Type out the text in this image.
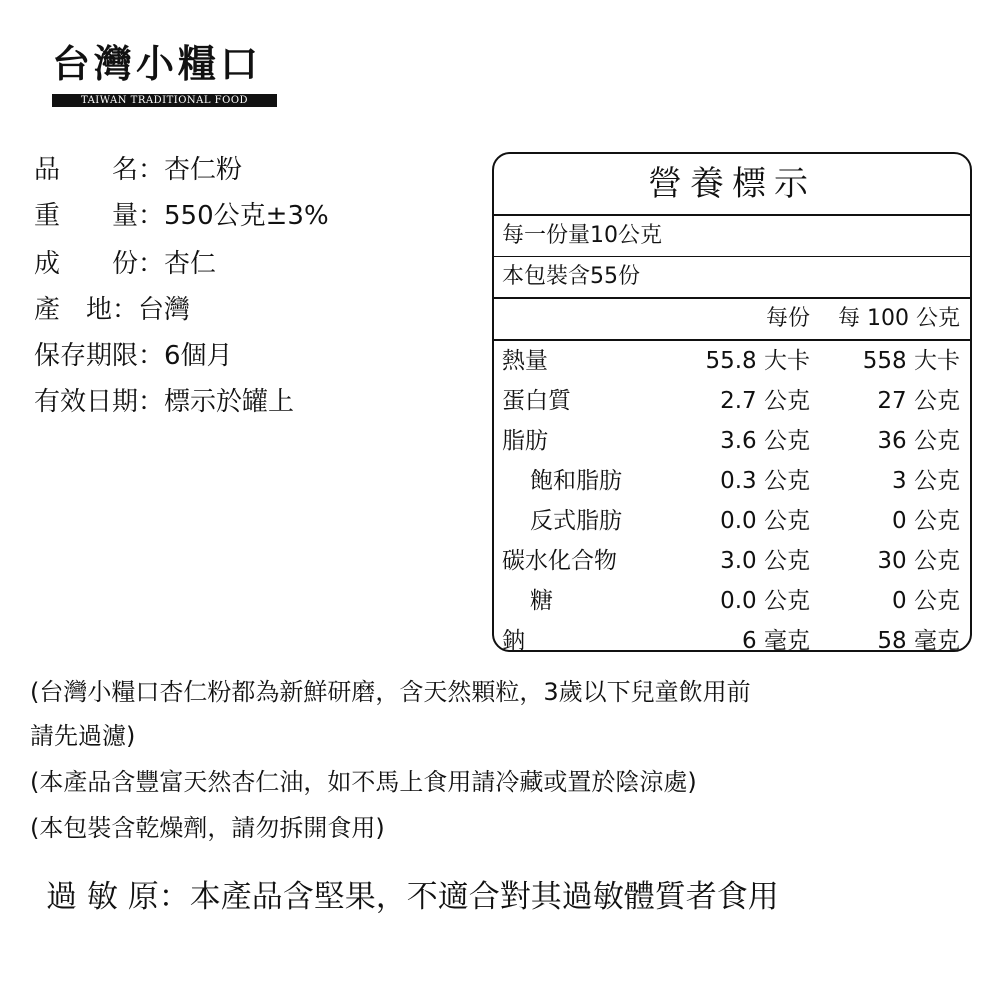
台灣小糧口
TAIWAN TRADITIONAL FOOD
品　　名：杏仁粉
重　　量：550公克±3%
成　　份：杏仁
產　地：台灣
保存期限：6個月
有效日期：標示於罐上
營養標示
每一份量10公克
本包裝含55份
每份 每 100 公克
熱量	55.8 大卡 558 大卡
蛋白質	2.7 公克	27 公克
脂肪	3.6 公克	36 公克
飽和脂肪	0.3 公克	3 公克
反式脂肪	0.0 公克	0 公克
碳水化合物	3.0 公克	30 公克
糖	0.0 公克	0 公克
鈉	6 毫克	58 毫克
(台灣小糧口杏仁粉都為新鮮研磨，含天然顆粒，3歲以下兒童飲用前
請先過濾)
(本產品含豐富天然杏仁油，如不馬上食用請冷藏或置於陰涼處)
(本包裝含乾燥劑，請勿拆開食用)
過 敏 原：本產品含堅果，不適合對其過敏體質者食用
